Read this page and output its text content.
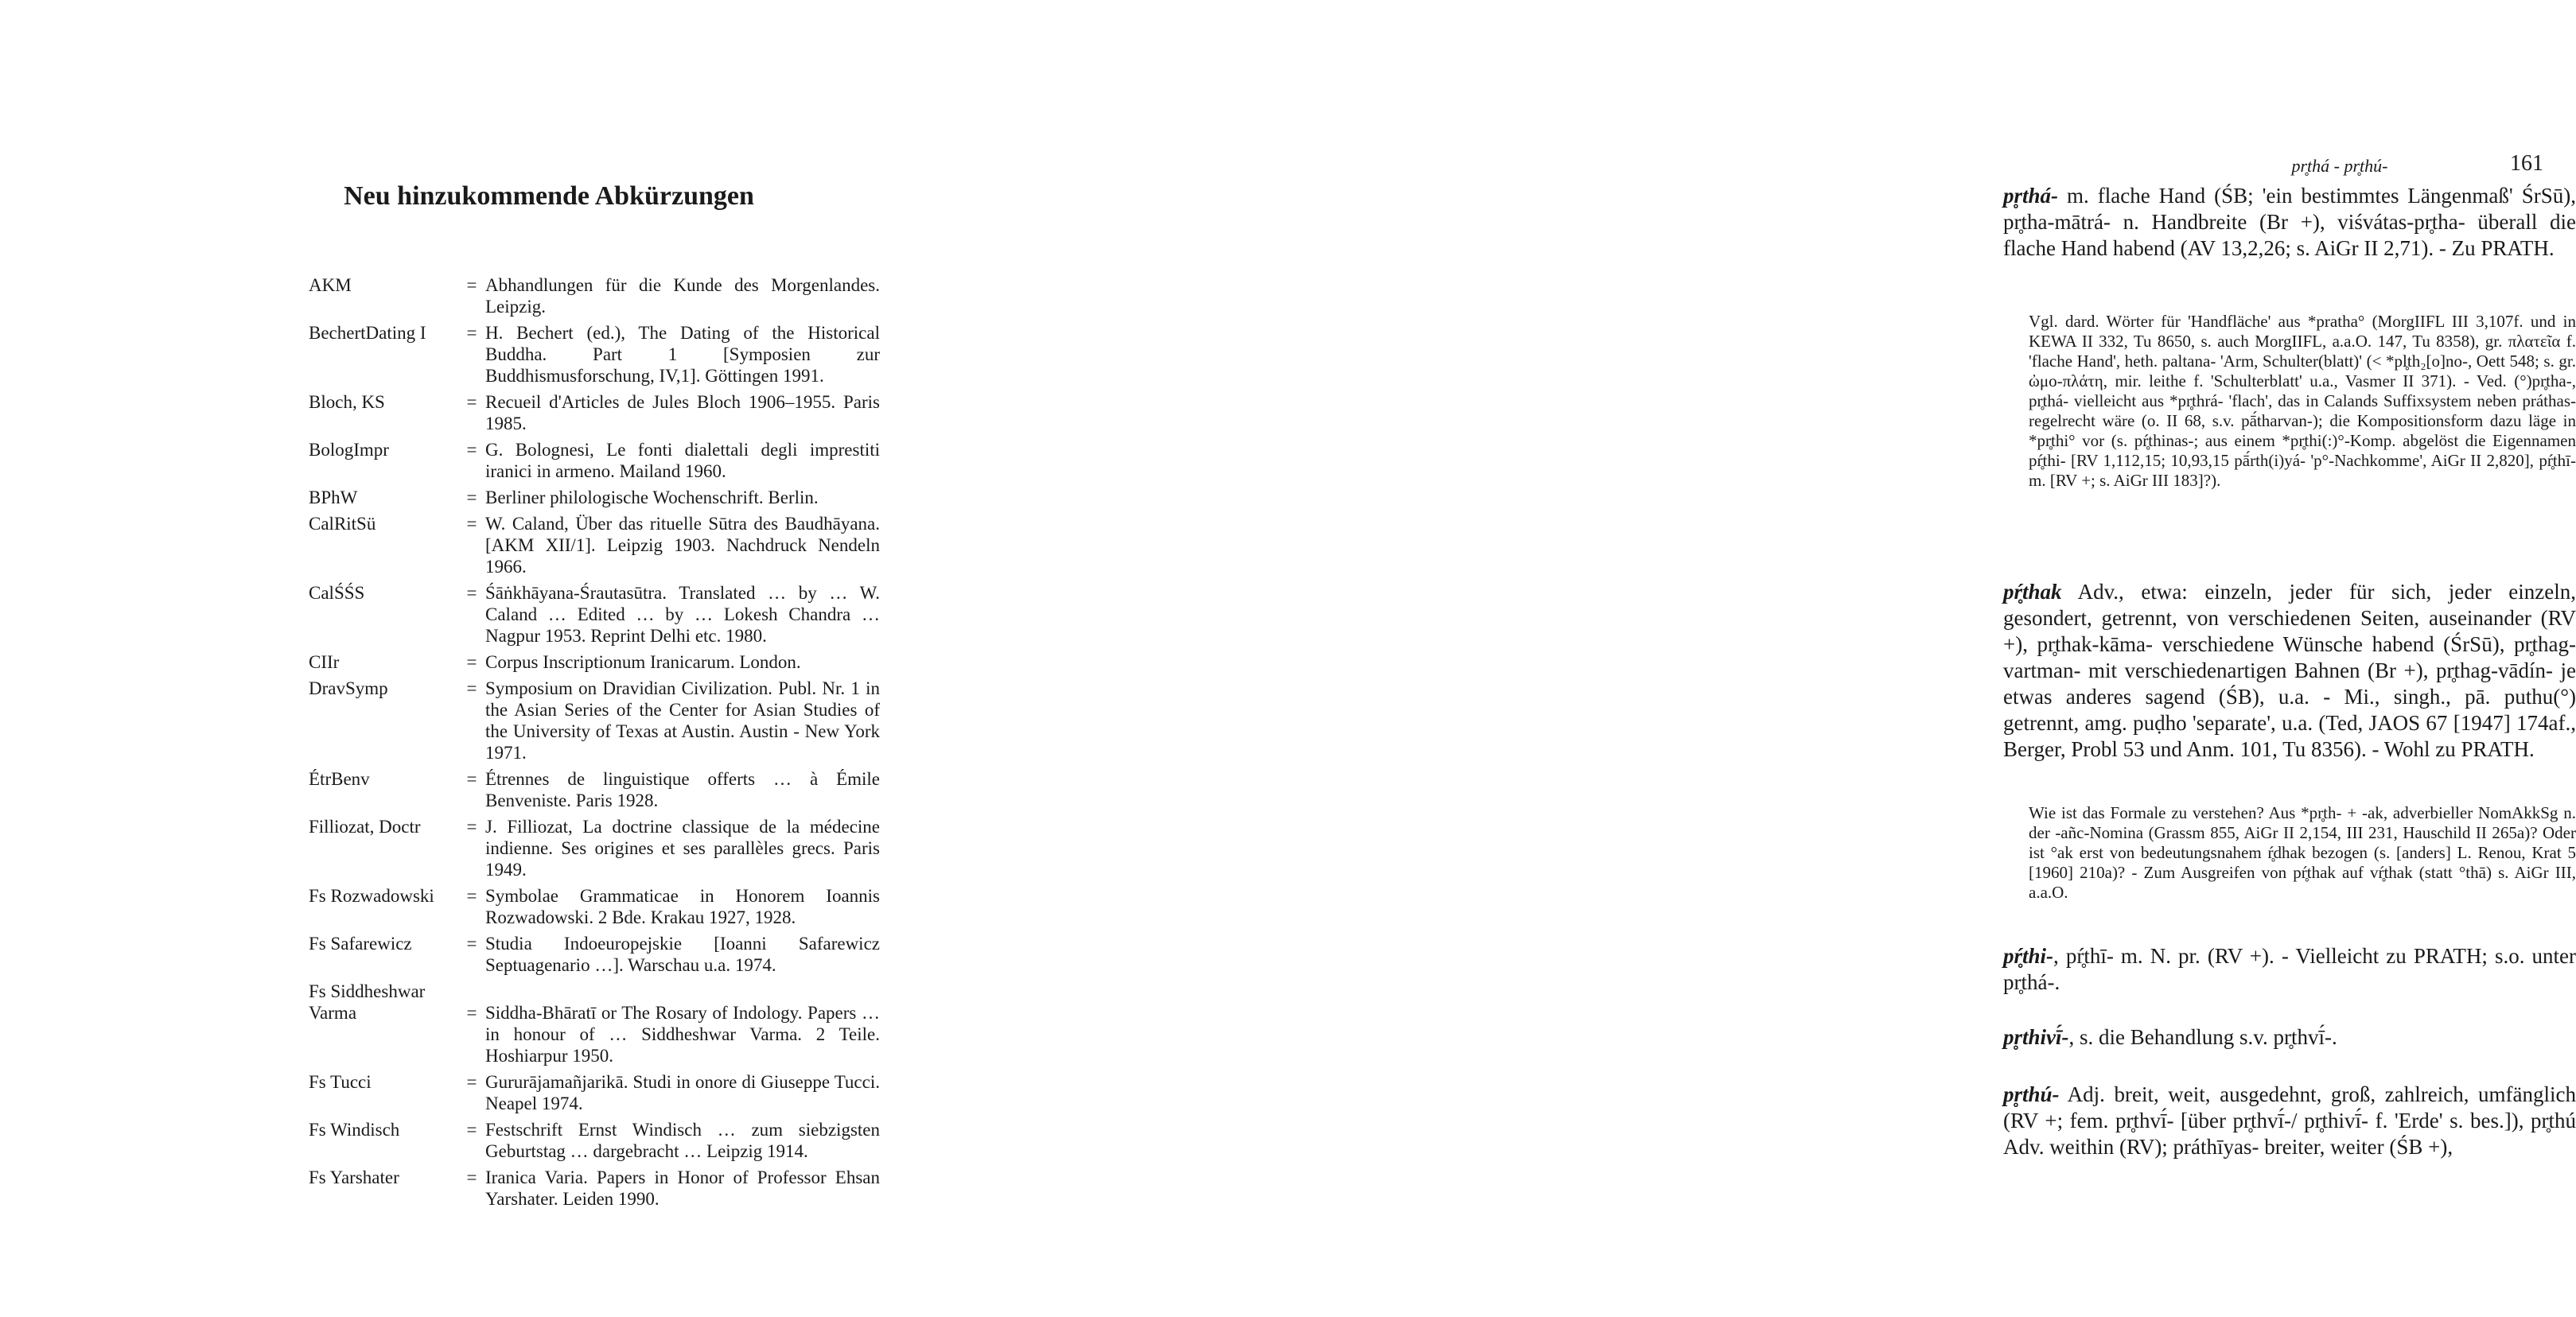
Neu hinzukommende Abkürzungen
AKM	= Abhandlungen für die Kunde des Morgenlandes. Leipzig.
BechertDating I	= H. Bechert (ed.), The Dating of the Historical Buddha. Part 1 [Symposien zur Buddhismusforschung, IV,1]. Göttingen 1991.
Bloch, KS	= Recueil d'Articles de Jules Bloch 1906–1955. Paris 1985.
BologImpr	= G. Bolognesi, Le fonti dialettali degli imprestiti iranici in armeno. Mailand 1960.
BPhW	= Berliner philologische Wochenschrift. Berlin.
CalRitSü	= W. Caland, Über das rituelle Sūtra des Baudhāyana. [AKM XII/1]. Leipzig 1903. Nachdruck Nendeln 1966.
CalŚŚS	= Śāṅkhāyana-Śrautasūtra. Translated … by … W. Caland … Edited … by … Lokesh Chandra … Nagpur 1953. Reprint Delhi etc. 1980.
CIIr	= Corpus Inscriptionum Iranicarum. London.
DravSymp	= Symposium on Dravidian Civilization. Publ. Nr. 1 in the Asian Series of the Center for Asian Studies of the University of Texas at Austin. Austin - New York 1971.
ÉtrBenv	= Étrennes de linguistique offerts … à Émile Benveniste. Paris 1928.
Filliozat, Doctr	= J. Filliozat, La doctrine classique de la médecine indienne. Ses origines et ses parallèles grecs. Paris 1949.
Fs Rozwadowski	= Symbolae Grammaticae in Honorem Ioannis Rozwadowski. 2 Bde. Krakau 1927, 1928.
Fs Safarewicz	= Studia Indoeuropejskie [Ioanni Safarewicz Septuagenario …]. Warschau u.a. 1974.
Fs Siddheshwar
Varma	= Siddha-Bhāratī or The Rosary of Indology. Papers … in honour of … Siddheshwar Varma. 2 Teile. Hoshiarpur 1950.
Fs Tucci	= Gururājamañjarikā. Studi in onore di Giuseppe Tucci. Neapel 1974.
Fs Windisch	= Festschrift Ernst Windisch … zum siebzigsten Geburtstag … dargebracht … Leipzig 1914.
Fs Yarshater	= Iranica Varia. Papers in Honor of Professor Ehsan Yarshater. Leiden 1990.
pr̥thá - pr̥thú-	161
pr̥thá- m. flache Hand (ŚB; 'ein bestimmtes Längenmaß' ŚrSū), pr̥tha-mātrá- n. Handbreite (Br +), viśvátas-pr̥tha- überall die flache Hand habend (AV 13,2,26; s. AiGr II 2,71). - Zu PRATH.
Vgl. dard. Wörter für 'Handfläche' aus *pratha° (MorgIIFL III 3,107f. und in KEWA II 332, Tu 8650, s. auch MorgIIFL, a.a.O. 147, Tu 8358), gr. πλατεῖα f. 'flache Hand', heth. paltana- 'Arm, Schulter(blatt)' (< *pl̥th₂[o]no-, Oett 548; s. gr. ὠμο-πλάτη, mir. leithe f. 'Schulterblatt' u.a., Vasmer II 371). - Ved. (°)pr̥tha-, pr̥thá- vielleicht aus *pr̥thrá- 'flach', das in Calands Suffixsystem neben práthas- regelrecht wäre (o. II 68, s.v. pā́tharvan-); die Kompositionsform dazu läge in *pr̥thi° vor (s. pŕ̥thinas-; aus einem *pr̥thi(:)°-Komp. abgelöst die Eigennamen pŕ̥thi- [RV 1,112,15; 10,93,15 pā́rth(i)yá- 'p°-Nachkomme', AiGr II 2,820], pŕ̥thī- m. [RV +; s. AiGr III 183]?).
pŕ̥thak Adv., etwa: einzeln, jeder für sich, jeder einzeln, gesondert, getrennt, von verschiedenen Seiten, auseinander (RV +), pr̥thak-kāma- verschiedene Wünsche habend (ŚrSū), pr̥thag-vartman- mit verschiedenartigen Bahnen (Br +), pr̥thag-vādín- je etwas anderes sagend (ŚB), u.a. - Mi., singh., pā. puthu(°) getrennt, amg. puḍho 'separate', u.a. (Ted, JAOS 67 [1947] 174af., Berger, Probl 53 und Anm. 101, Tu 8356). - Wohl zu PRATH.
Wie ist das Formale zu verstehen? Aus *pr̥th- + -ak, adverbieller NomAkkSg n. der -añc-Nomina (Grassm 855, AiGr II 2,154, III 231, Hauschild II 265a)? Oder ist °ak erst von bedeutungsnahem ŕ̥dhak bezogen (s. [anders] L. Renou, Krat 5 [1960] 210a)? - Zum Ausgreifen von pŕ̥thak auf vŕ̥thak (statt °thā) s. AiGr III, a.a.O.
pŕ̥thi-, pŕ̥thī- m. N. pr. (RV +). - Vielleicht zu PRATH; s.o. unter pr̥thá-.
pr̥thivī́-, s. die Behandlung s.v. pr̥thvī́-.
pr̥thú- Adj. breit, weit, ausgedehnt, groß, zahlreich, umfänglich (RV +; fem. pr̥thvī́- [über pr̥thvī́-/ pr̥thivī́- f. 'Erde' s. bes.]), pr̥thú Adv. weithin (RV); práthīyas- breiter, weiter (ŚB +),
